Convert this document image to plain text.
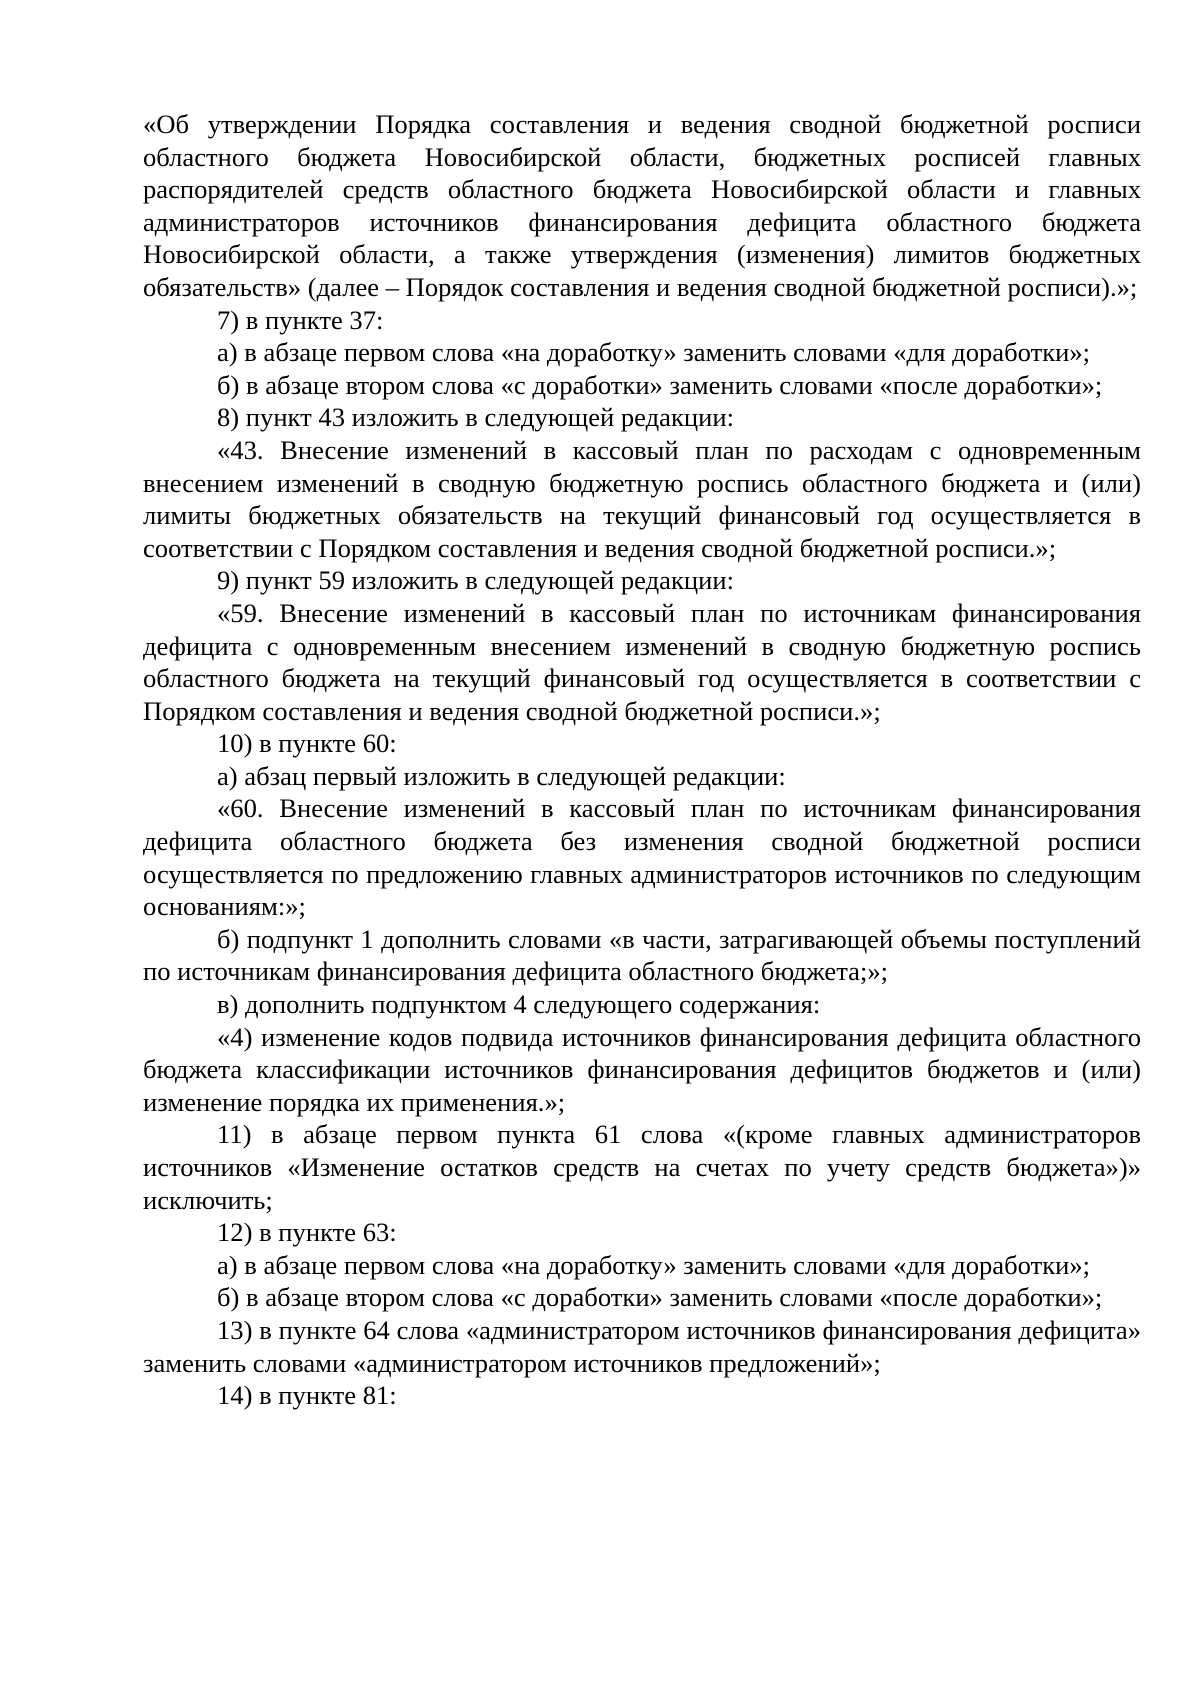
«Об утверждении Порядка составления и ведения сводной бюджетной росписи областного бюджета Новосибирской области, бюджетных росписей главных распорядителей средств областного бюджета Новосибирской области и главных администраторов источников финансирования дефицита областного бюджета Новосибирской области, а также утверждения (изменения) лимитов бюджетных обязательств» (далее – Порядок составления и ведения сводной бюджетной росписи).»;

7) в пункте 37:

а) в абзаце первом слова «на доработку» заменить словами «для доработки»;

б) в абзаце втором слова «с доработки» заменить словами «после доработки»;

8) пункт 43 изложить в следующей редакции:

«43. Внесение изменений в кассовый план по расходам с одновременным внесением изменений в сводную бюджетную роспись областного бюджета и (или) лимиты бюджетных обязательств на текущий финансовый год осуществляется в соответствии с Порядком составления и ведения сводной бюджетной росписи.»;

9) пункт 59 изложить в следующей редакции:

«59. Внесение изменений в кассовый план по источникам финансирования дефицита с одновременным внесением изменений в сводную бюджетную роспись областного бюджета на текущий финансовый год осуществляется в соответствии с Порядком составления и ведения сводной бюджетной росписи.»;

10) в пункте 60:

а) абзац первый изложить в следующей редакции:

«60. Внесение изменений в кассовый план по источникам финансирования дефицита областного бюджета без изменения сводной бюджетной росписи осуществляется по предложению главных администраторов источников по следующим основаниям:»;

б) подпункт 1 дополнить словами «в части, затрагивающей объемы поступлений по источникам финансирования дефицита областного бюджета;»;

в) дополнить подпунктом 4 следующего содержания:

«4) изменение кодов подвида источников финансирования дефицита областного бюджета классификации источников финансирования дефицитов бюджетов и (или) изменение порядка их применения.»;

11) в абзаце первом пункта 61 слова «(кроме главных администраторов источников «Изменение остатков средств на счетах по учету средств бюджета»)» исключить;

12) в пункте 63:

а) в абзаце первом слова «на доработку» заменить словами «для доработки»;

б) в абзаце втором слова «с доработки» заменить словами «после доработки»;

13) в пункте 64 слова «администратором источников финансирования дефицита» заменить словами «администратором источников предложений»;

14) в пункте 81:
